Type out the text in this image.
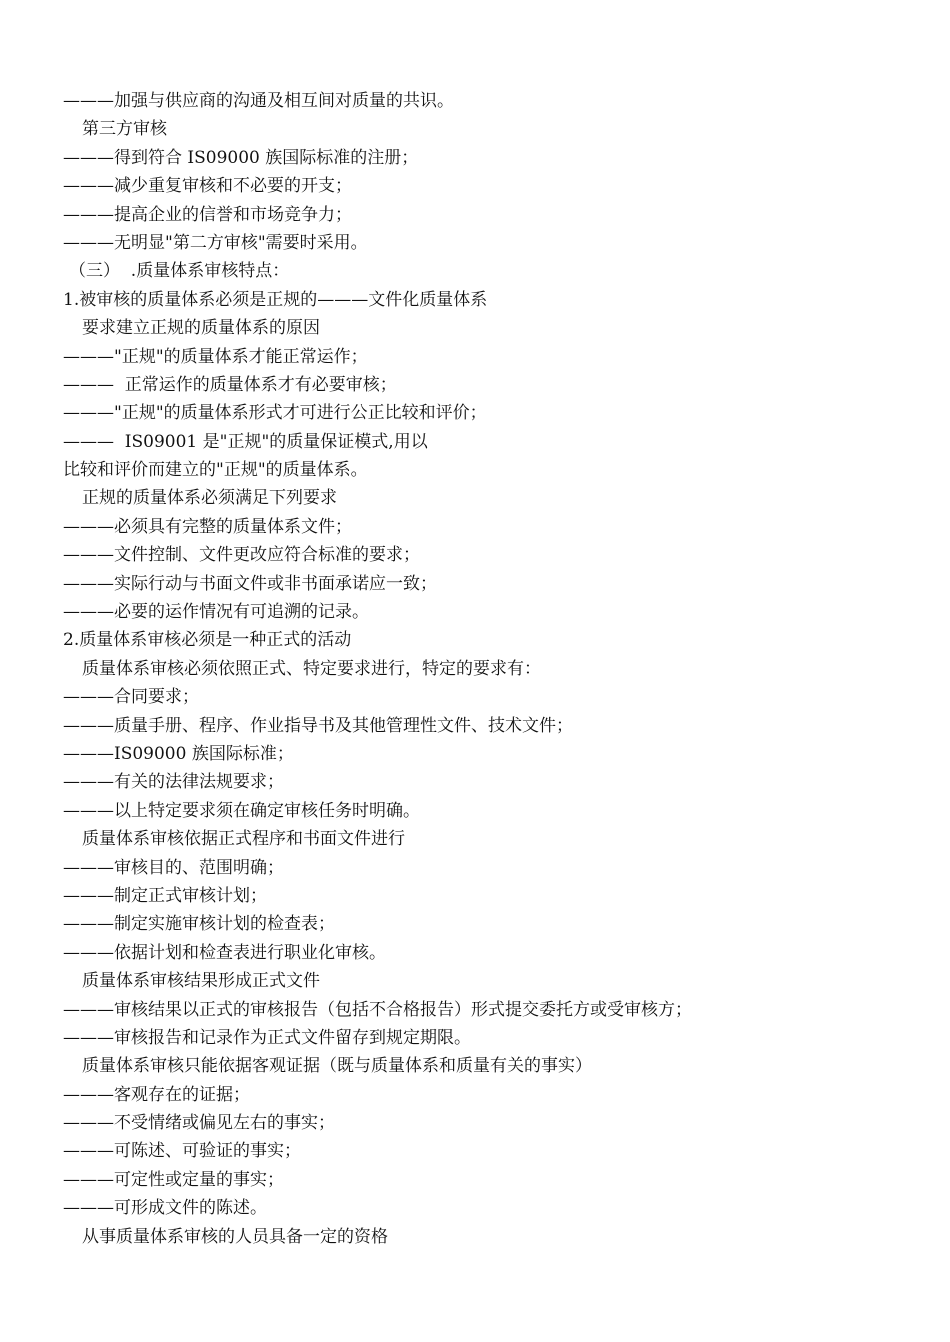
———加强与供应商的沟通及相互间对质量的共识。
第三方审核
———得到符合 IS09000 族国际标准的注册；
———减少重复审核和不必要的开支；
———提高企业的信誉和市场竞争力；
———无明显"第二方审核"需要时采用。
（三）  .质量体系审核特点：
1.被审核的质量体系必须是正规的———文件化质量体系
要求建立正规的质量体系的原因
———"正规"的质量体系才能正常运作；
———  正常运作的质量体系才有必要审核；
———"正规"的质量体系形式才可进行公正比较和评价；
———  IS09001 是"正规"的质量保证模式,用以
比较和评价而建立的"正规"的质量体系。
正规的质量体系必须满足下列要求
———必须具有完整的质量体系文件；
———文件控制、文件更改应符合标准的要求；
———实际行动与书面文件或非书面承诺应一致；
———必要的运作情况有可追溯的记录。
2.质量体系审核必须是一种正式的活动
质量体系审核必须依照正式、特定要求进行，特定的要求有：
———合同要求；
———质量手册、程序、作业指导书及其他管理性文件、技术文件；
———IS09000 族国际标准；
———有关的法律法规要求；
———以上特定要求须在确定审核任务时明确。
质量体系审核依据正式程序和书面文件进行
———审核目的、范围明确；
———制定正式审核计划；
———制定实施审核计划的检查表；
———依据计划和检查表进行职业化审核。
质量体系审核结果形成正式文件
———审核结果以正式的审核报告（包括不合格报告）形式提交委托方或受审核方；
———审核报告和记录作为正式文件留存到规定期限。
质量体系审核只能依据客观证据（既与质量体系和质量有关的事实）
———客观存在的证据；
———不受情绪或偏见左右的事实；
———可陈述、可验证的事实；
———可定性或定量的事实；
———可形成文件的陈述。
从事质量体系审核的人员具备一定的资格
